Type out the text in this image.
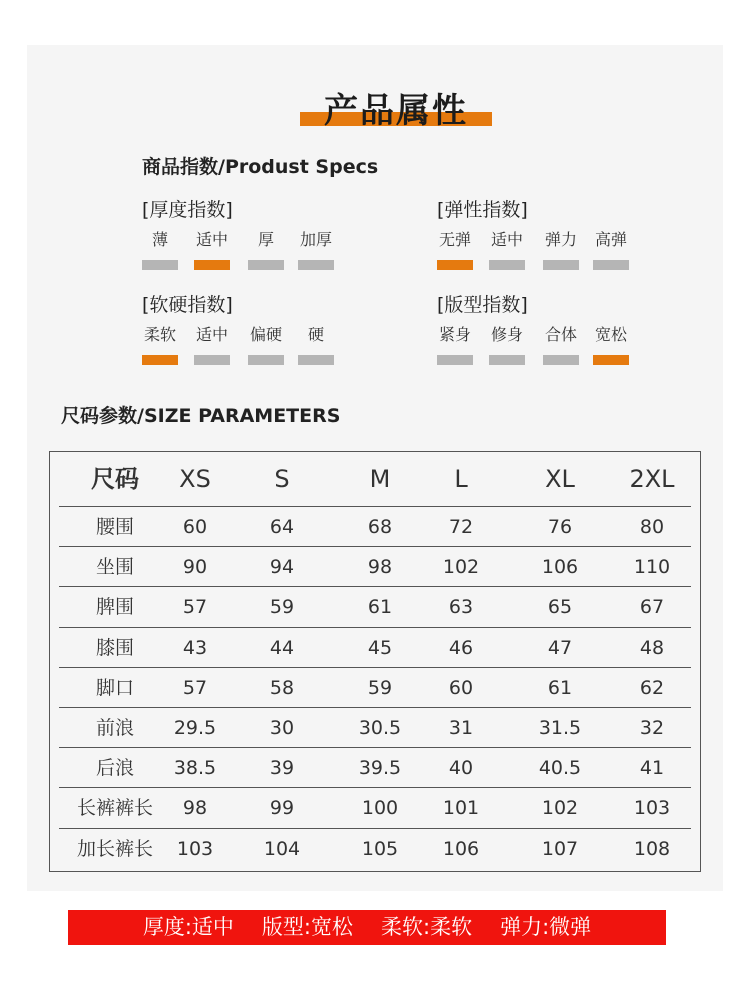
产品属性
商品指数/Produst Specs
[厚度指数]
薄	适中	厚	加厚
[弹性指数]
无弹	适中	弹力	高弹
[软硬指数]
柔软	适中	偏硬	硬
[版型指数]
紧身	修身	合体	宽松
尺码参数/SIZE PARAMETERS
尺码	XS	S	M	L	XL	2XL
腰围	60	64	68	72	76	80
坐围	90	94	98	102	106	110
脾围	57	59	61	63	65	67
膝围	43	44	45	46	47	48
脚口	57	58	59	60	61	62
前浪	29.5	30	30.5	31	31.5	32
后浪	38.5	39	39.5	40	40.5	41
长裤裤长	98	99	100	101	102	103
加长裤长	103	104	105	106	107	108
厚度:适中 版型:宽松 柔软:柔软 弹力:微弹
